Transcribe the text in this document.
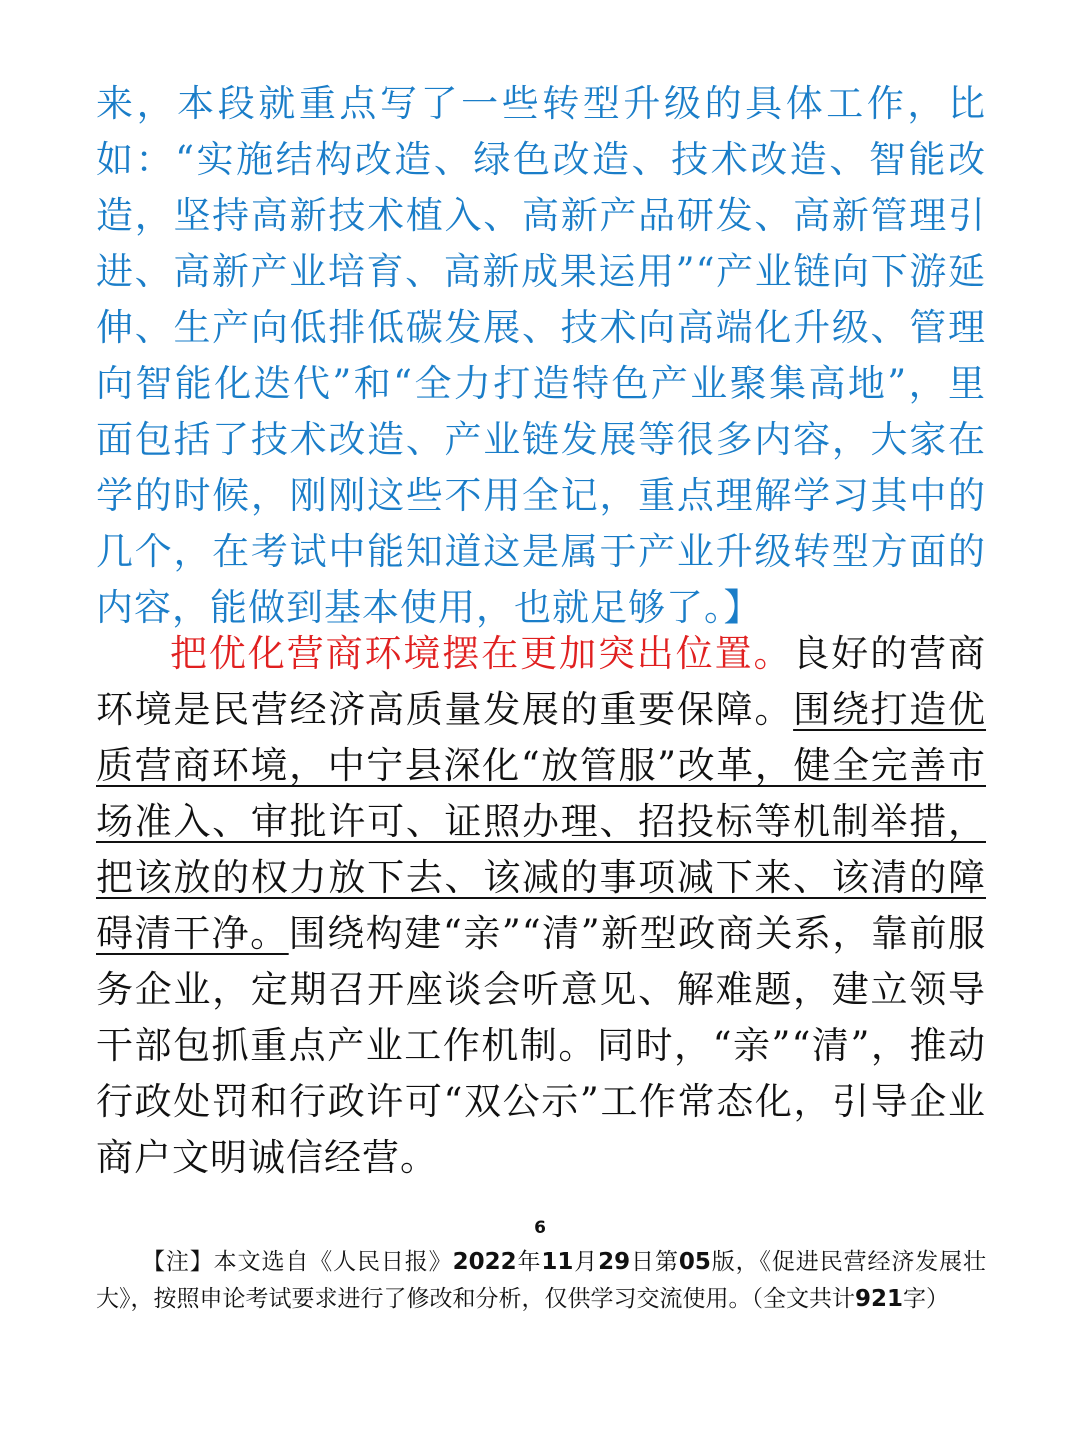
来，本段就重点写了一些转型升级的具体工作，比如：“实施结构改造、绿色改造、技术改造、智能改造，坚持高新技术植入、高新产品研发、高新管理引进、高新产业培育、高新成果运用”“产业链向下游延伸、生产向低排低碳发展、技术向高端化升级、管理向智能化迭代”和“全力打造特色产业聚集高地”，里面包括了技术改造、产业链发展等很多内容，大家在学的时候，刚刚这些不用全记，重点理解学习其中的几个，在考试中能知道这是属于产业升级转型方面的内容，能做到基本使用，也就足够了。】
把优化营商环境摆在更加突出位置。良好的营商环境是民营经济高质量发展的重要保障。围绕打造优质营商环境，中宁县深化“放管服”改革，健全完善市场准入、审批许可、证照办理、招投标等机制举措，把该放的权力放下去、该减的事项减下来、该清的障碍清干净。围绕构建“亲”“清”新型政商关系，靠前服务企业，定期召开座谈会听意见、解难题，建立领导干部包抓重点产业工作机制。同时，“亲”“清”，推动行政处罚和行政许可“双公示”工作常态化，引导企业商户文明诚信经营。
6
【注】本文选自《人民日报》2022年11月29日第05版，《促进民营经济发展壮大》，按照申论考试要求进行了修改和分析，仅供学习交流使用。（全文共计921字）
